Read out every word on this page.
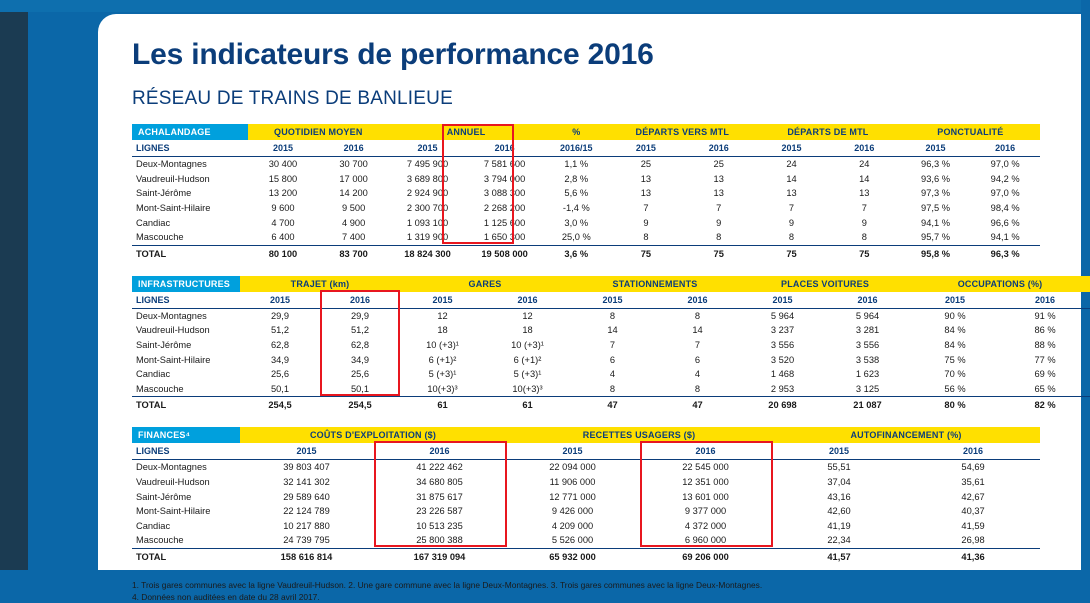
Les indicateurs de performance 2016
RÉSEAU DE TRAINS DE BANLIEUE
ACHALANDAGE	QUOTIDIEN MOYEN		ANNUEL		%	DÉPARTS VERS MTL		DÉPARTS DE MTL		PONCTUALITÉ	
LIGNES	2015	2016	2015	2016	2016/15	2015	2016	2015	2016	2015	2016
Deux-Montagnes	30 400	30 700	7 495 900	7 581 600	1,1 %	25	25	24	24	96,3 %	97,0 %
Vaudreuil-Hudson	15 800	17 000	3 689 800	3 794 000	2,8 %	13	13	14	14	93,6 %	94,2 %
Saint-Jérôme	13 200	14 200	2 924 900	3 088 300	5,6 %	13	13	13	13	97,3 %	97,0 %
Mont-Saint-Hilaire	9 600	9 500	2 300 700	2 268 200	-1,4 %	7	7	7	7	97,5 %	98,4 %
Candiac	4 700	4 900	1 093 100	1 125 600	3,0 %	9	9	9	9	94,1 %	96,6 %
Mascouche	6 400	7 400	1 319 900	1 650 300	25,0 %	8	8	8	8	95,7 %	94,1 %
TOTAL	80 100	83 700	18 824 300	19 508 000	3,6 %	75	75	75	75	95,8 %	96,3 %
INFRASTRUCTURES	TRAJET (km)		GARES		STATIONNEMENTS		PLACES VOITURES		OCCUPATIONS (%)	
LIGNES	2015	2016	2015	2016	2015	2016	2015	2016	2015	2016
Deux-Montagnes	29,9	29,9	12	12	8	8	5 964	5 964	90 %	91 %
Vaudreuil-Hudson	51,2	51,2	18	18	14	14	3 237	3 281	84 %	86 %
Saint-Jérôme	62,8	62,8	10 (+3)¹	10 (+3)¹	7	7	3 556	3 556	84 %	88 %
Mont-Saint-Hilaire	34,9	34,9	6 (+1)²	6 (+1)²	6	6	3 520	3 538	75 %	77 %
Candiac	25,6	25,6	5 (+3)¹	5 (+3)¹	4	4	1 468	1 623	70 %	69 %
Mascouche	50,1	50,1	10(+3)³	10(+3)³	8	8	2 953	3 125	56 %	65 %
TOTAL	254,5	254,5	61	61	47	47	20 698	21 087	80 %	82 %
FINANCES⁴	COÛTS D'EXPLOITATION ($)		RECETTES USAGERS ($)		AUTOFINANCEMENT (%)	
LIGNES	2015	2016	2015	2016	2015	2016
Deux-Montagnes	39 803 407	41 222 462	22 094 000	22 545 000	55,51	54,69
Vaudreuil-Hudson	32 141 302	34 680 805	11 906 000	12 351 000	37,04	35,61
Saint-Jérôme	29 589 640	31 875 617	12 771 000	13 601 000	43,16	42,67
Mont-Saint-Hilaire	22 124 789	23 226 587	9 426 000	9 377 000	42,60	40,37
Candiac	10 217 880	10 513 235	4 209 000	4 372 000	41,19	41,59
Mascouche	24 739 795	25 800 388	5 526 000	6 960 000	22,34	26,98
TOTAL	158 616 814	167 319 094	65 932 000	69 206 000	41,57	41,36
1. Trois gares communes avec la ligne Vaudreuil-Hudson. 2. Une gare commune avec la ligne Deux-Montagnes. 3. Trois gares communes avec la ligne Deux-Montagnes.
4. Données non auditées en date du 28 avril 2017.
